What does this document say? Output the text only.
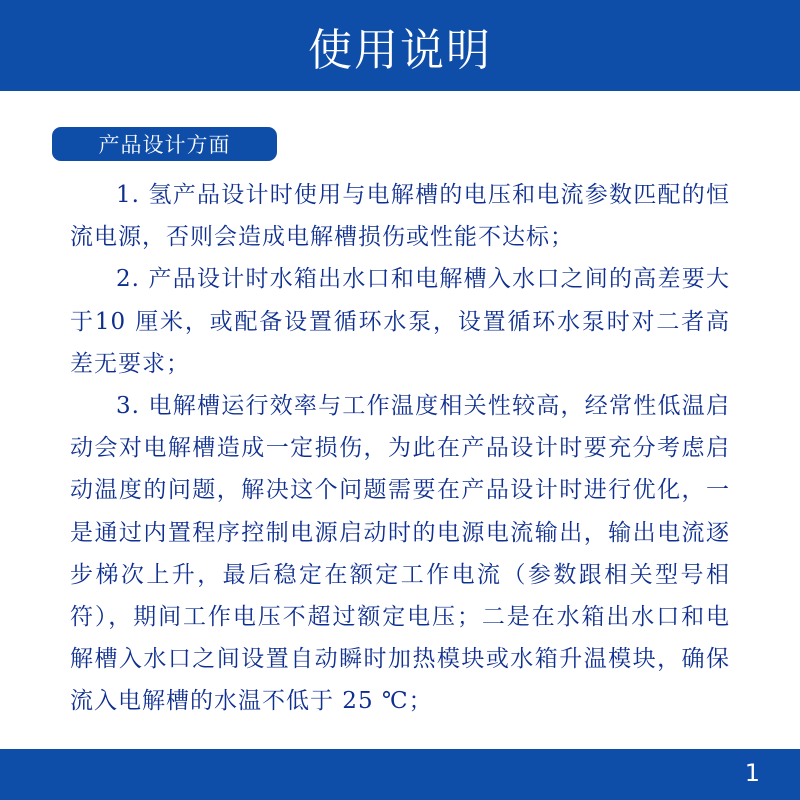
使用说明
产品设计方面

1. 氢产品设计时使用与电解槽的电压和电流参数匹配的恒流电源，否则会造成电解槽损伤或性能不达标；

2. 产品设计时水箱出水口和电解槽入水口之间的高差要大于10 厘米，或配备设置循环水泵，设置循环水泵时对二者高差无要求；

3. 电解槽运行效率与工作温度相关性较高，经常性低温启动会对电解槽造成一定损伤，为此在产品设计时要充分考虑启动温度的问题，解决这个问题需要在产品设计时进行优化，一是通过内置程序控制电源启动时的电源电流输出，输出电流逐步梯次上升，最后稳定在额定工作电流（参数跟相关型号相符），期间工作电压不超过额定电压；二是在水箱出水口和电解槽入水口之间设置自动瞬时加热模块或水箱升温模块，确保流入电解槽的水温不低于 25 ℃；

1
